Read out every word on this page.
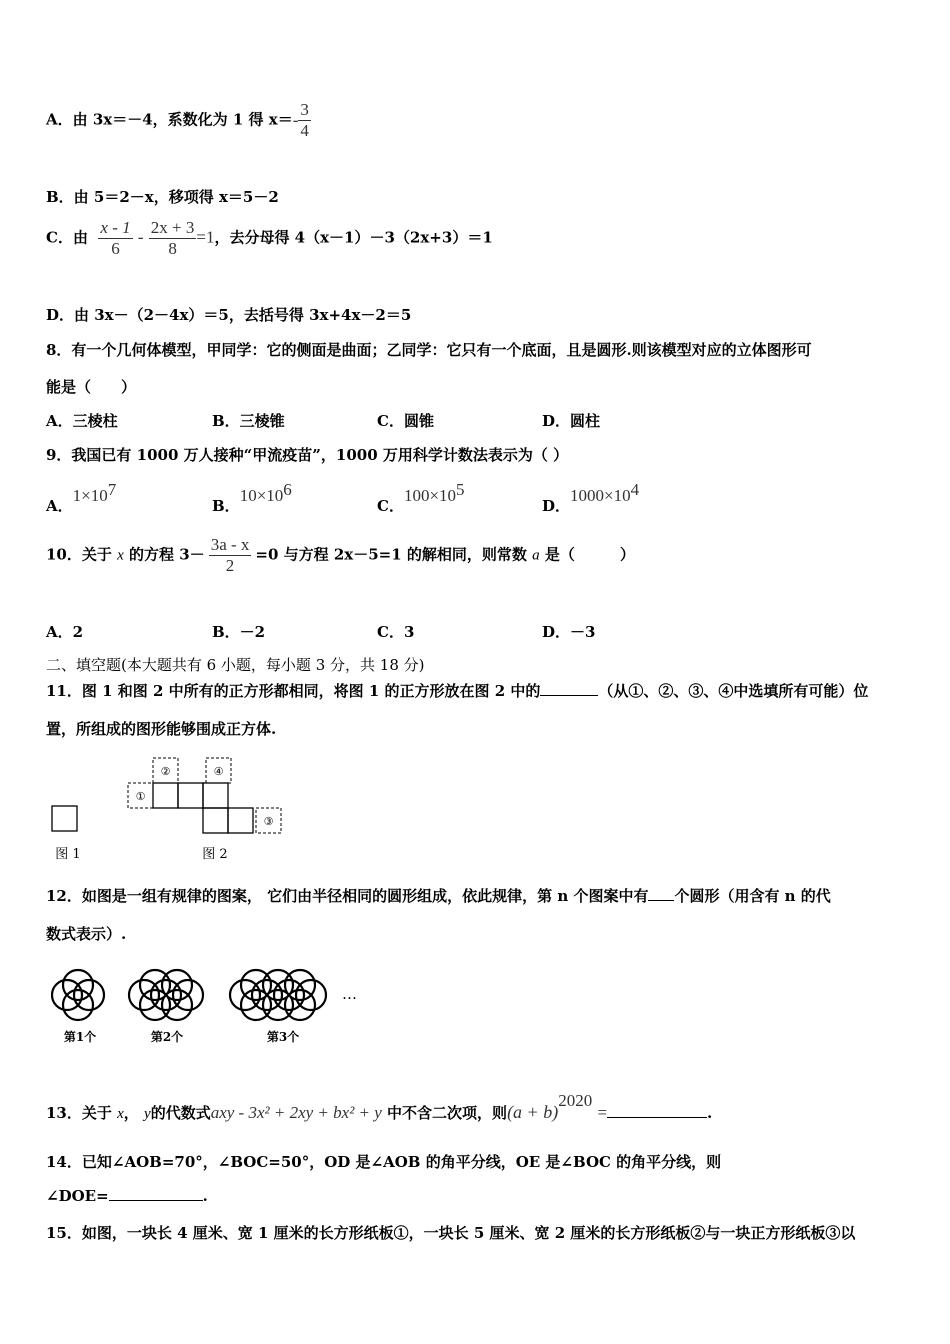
A．由 3x＝－4，系数化为 1 得 $x=- \frac{3}{4}$
B．由 5＝2－x，移项得 x＝5－2
C．由 $\frac{x - 1}{6} - \frac{2x + 3}{8} =1$，去分母得 4（x－1）－3（2x+3）＝1
D．由 3x－（2－4x）＝5，去括号得 3x+4x－2＝5
8．有一个几何体模型，甲同学：它的侧面是曲面；乙同学：它只有一个底面，且是圆形.则该模型对应的立体图形可
能是（　　）
A．三棱柱	B．三棱锥	C．圆锥	D．圆柱
9．我国已有 1000 万人接种“甲流疫苗”，1000 万用科学计数法表示为（ ）
A．$1\times 10^7$
B．$10\times 10^6$
C．$100\times 10^5$
D．$1000\times 10^4$
10．关于 x 的方程 $3- \frac{3a - x}{2} =0$ 与方程 2x－5=1 的解相同，则常数 a 是（　　　）
A．2	B．－2	C．3	D．－3
二、填空题(本大题共有 6 小题，每小题 3 分，共 18 分)
11．图 1 和图 2 中所有的正方形都相同，将图 1 的正方形放在图 2 中的	（从①、②、③、④中选填所有可能）位
置，所组成的图形能够围成正方体.
①
②	④
③
图 1	图 2
12．如图是一组有规律的图案， 它们由半径相同的圆形组成，依此规律，第 n 个图案中有 个圆形（用含有 n 的代
数式表示）.
…
第1个	第2个	第3个
13．关于 x， y的代数式axy - 3x² + 2xy + bx² + y 中不含二次项，则$(a + b)^{2020}$ =	.
14．已知∠AOB=70°，∠BOC=50°，OD 是∠AOB 的角平分线，OE 是∠BOC 的角平分线，则
∠DOE=	.
15．如图，一块长 4 厘米、宽 1 厘米的长方形纸板①，一块长 5 厘米、宽 2 厘米的长方形纸板②与一块正方形纸板③以
